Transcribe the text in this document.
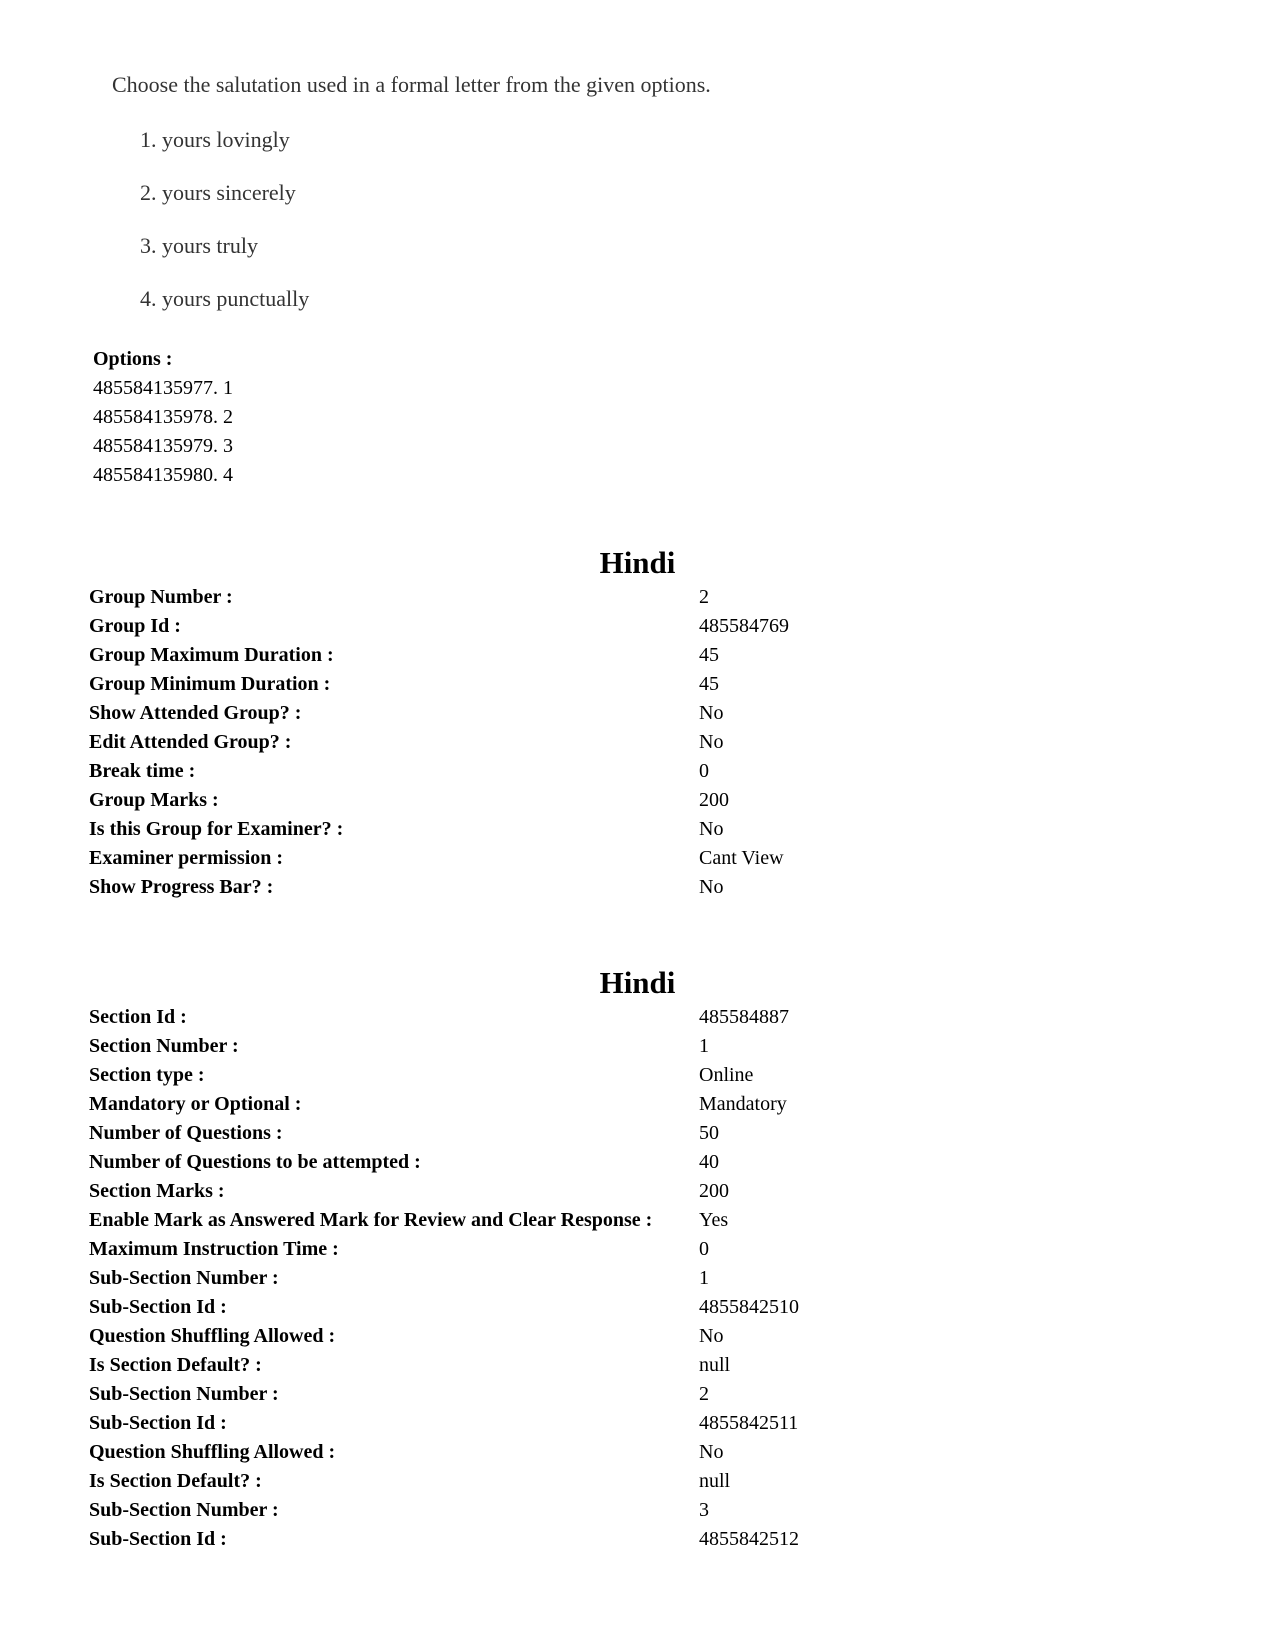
Choose the salutation used in a formal letter from the given options.

1. yours lovingly
2. yours sincerely
3. yours truly
4. yours punctually
Options :
485584135977. 1
485584135978. 2
485584135979. 3
485584135980. 4
Hindi
Group Number :	2
Group Id :	485584769
Group Maximum Duration :	45
Group Minimum Duration :	45
Show Attended Group? :	No
Edit Attended Group? :	No
Break time :	0
Group Marks :	200
Is this Group for Examiner? :	No
Examiner permission :	Cant View
Show Progress Bar? :	No
Hindi
Section Id :	485584887
Section Number :	1
Section type :	Online
Mandatory or Optional :	Mandatory
Number of Questions :	50
Number of Questions to be attempted :	40
Section Marks :	200
Enable Mark as Answered Mark for Review and Clear Response :	Yes
Maximum Instruction Time :	0
Sub-Section Number :	1
Sub-Section Id :	4855842510
Question Shuffling Allowed :	No
Is Section Default? :	null
Sub-Section Number :	2
Sub-Section Id :	4855842511
Question Shuffling Allowed :	No
Is Section Default? :	null
Sub-Section Number :	3
Sub-Section Id :	4855842512
